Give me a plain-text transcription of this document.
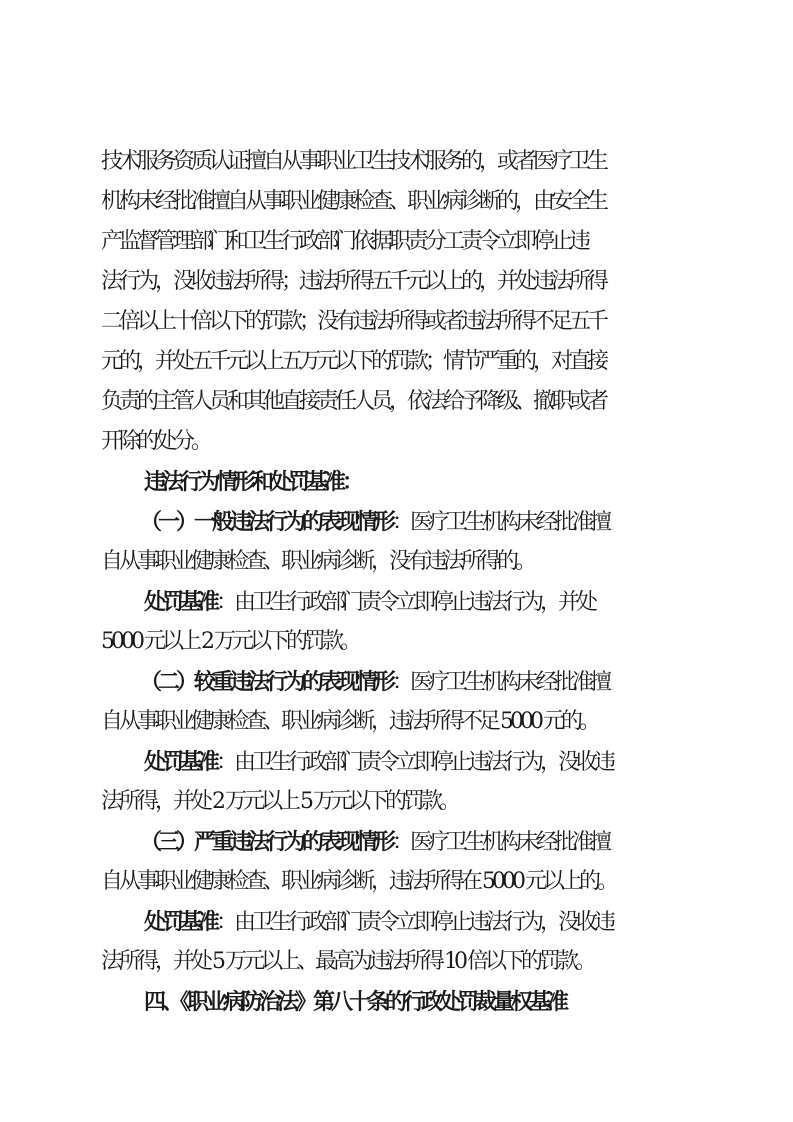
技术服务资质认证擅自从事职业卫生技术服务的，或者医疗卫生
机构未经批准擅自从事职业健康检查、职业病诊断的，由安全生
产监督管理部门和卫生行政部门依据职责分工责令立即停止违
法行为，没收违法所得；违法所得五千元以上的，并处违法所得
二倍以上十倍以下的罚款；没有违法所得或者违法所得不足五千
元的，并处五千元以上五万元以下的罚款；情节严重的，对直接
负责的主管人员和其他直接责任人员，依法给予降级、撤职或者
开除的处分。
违法行为情形和处罚基准：
（一）一般违法行为的表现情形：医疗卫生机构未经批准擅
自从事职业健康检查、职业病诊断，没有违法所得的。
处罚基准：由卫生行政部门责令立即停止违法行为，并处
5000 元以上 2 万元以下的罚款。
（二）较重违法行为的表现情形：医疗卫生机构未经批准擅
自从事职业健康检查、职业病诊断，违法所得不足 5000 元的。
处罚基准：由卫生行政部门责令立即停止违法行为，没收违
法所得，并处 2 万元以上 5 万元以下的罚款。
（三）严重违法行为的表现情形：医疗卫生机构未经批准擅
自从事职业健康检查、职业病诊断，违法所得在 5000 元以上的。
处罚基准：由卫生行政部门责令立即停止违法行为，没收违
法所得，并处 5 万元以上、最高为违法所得 10 倍以下的罚款。
四、《职业病防治法》第八十条的行政处罚裁量权基准
